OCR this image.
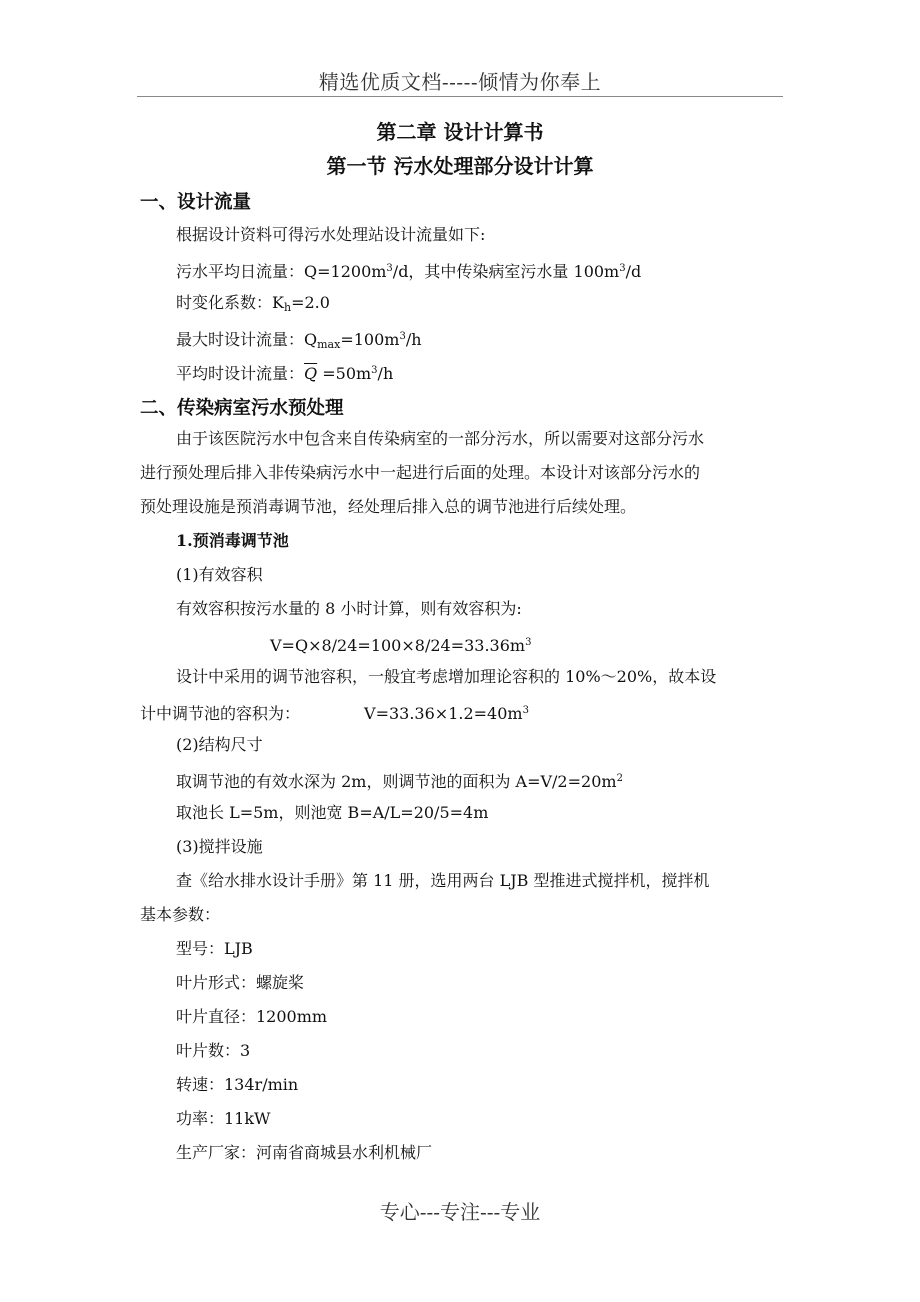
精选优质文档-----倾情为你奉上
第二章 设计计算书
第一节 污水处理部分设计计算
一、设计流量
根据设计资料可得污水处理站设计流量如下:
污水平均日流量：$Q=1200m^3/d$，其中传染病室污水量 $100m^3/d$
时变化系数：$K_h=2.0$
最大时设计流量：$Q_{max}=100m^3/h$
平均时设计流量：$\overline{Q} =50m^3/h$
二、传染病室污水预处理
由于该医院污水中包含来自传染病室的一部分污水，所以需要对这部分污水
进行预处理后排入非传染病污水中一起进行后面的处理。本设计对该部分污水的
预处理设施是预消毒调节池，经处理后排入总的调节池进行后续处理。
1.预消毒调节池
(1)有效容积
有效容积按污水量的 8 小时计算，则有效容积为:
$V=Q\times 8/24=100\times 8/24=33.36m^3$
设计中采用的调节池容积，一般宜考虑增加理论容积的 10%～20%，故本设
计中调节池的容积为：	$V=33.36\times 1.2=40m^3$
(2)结构尺寸
取调节池的有效水深为 2m，则调节池的面积为 $A=V/2=20m^2$
取池长 L=5m，则池宽 B=A/L=20/5=4m
(3)搅拌设施
查《给水排水设计手册》第 11 册，选用两台 LJB 型推进式搅拌机，搅拌机
基本参数：
型号：LJB
叶片形式：螺旋桨
叶片直径：1200mm
叶片数：3
转速：134r/min
功率：11kW
生产厂家：河南省商城县水利机械厂
专心---专注---专业
